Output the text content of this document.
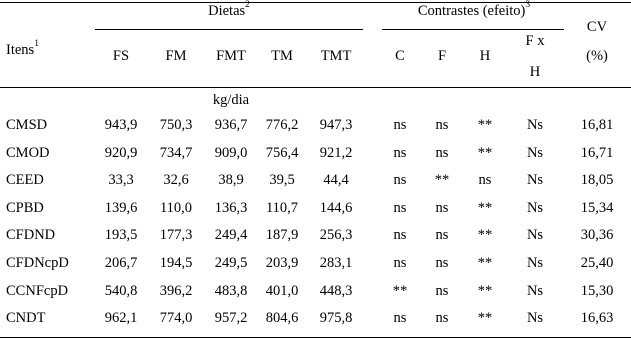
Itens$^1$
Dietas$^2$	Contrastes (efeito)$^3$
CV
(%)
FS	FM FMT TM TMT	C F H
F x
H
kg/dia
CMSD	943,9 750,3 936,7 776,2 947,3	ns ns ** Ns	16,81
CMOD	920,9 734,7 909,0 756,4 921,2	ns ns ** Ns	16,71
CEED	33,3 32,6 38,9 39,5 44,4	ns ** ns Ns	18,05
CPBD	139,6 110,0 136,3 110,7 144,6	ns ns ** Ns	15,34
CFDND	193,5 177,3 249,4 187,9 256,3	ns ns ** Ns	30,36
CFDNcpD 206,7 194,5 249,5 203,9 283,1	ns ns ** Ns	25,40
CCNFcpD	540,8 396,2 483,8 401,0 448,3	** ns ** Ns	15,30
CNDT	962,1 774,0 957,2 804,6 975,8	ns ns ** Ns	16,63
